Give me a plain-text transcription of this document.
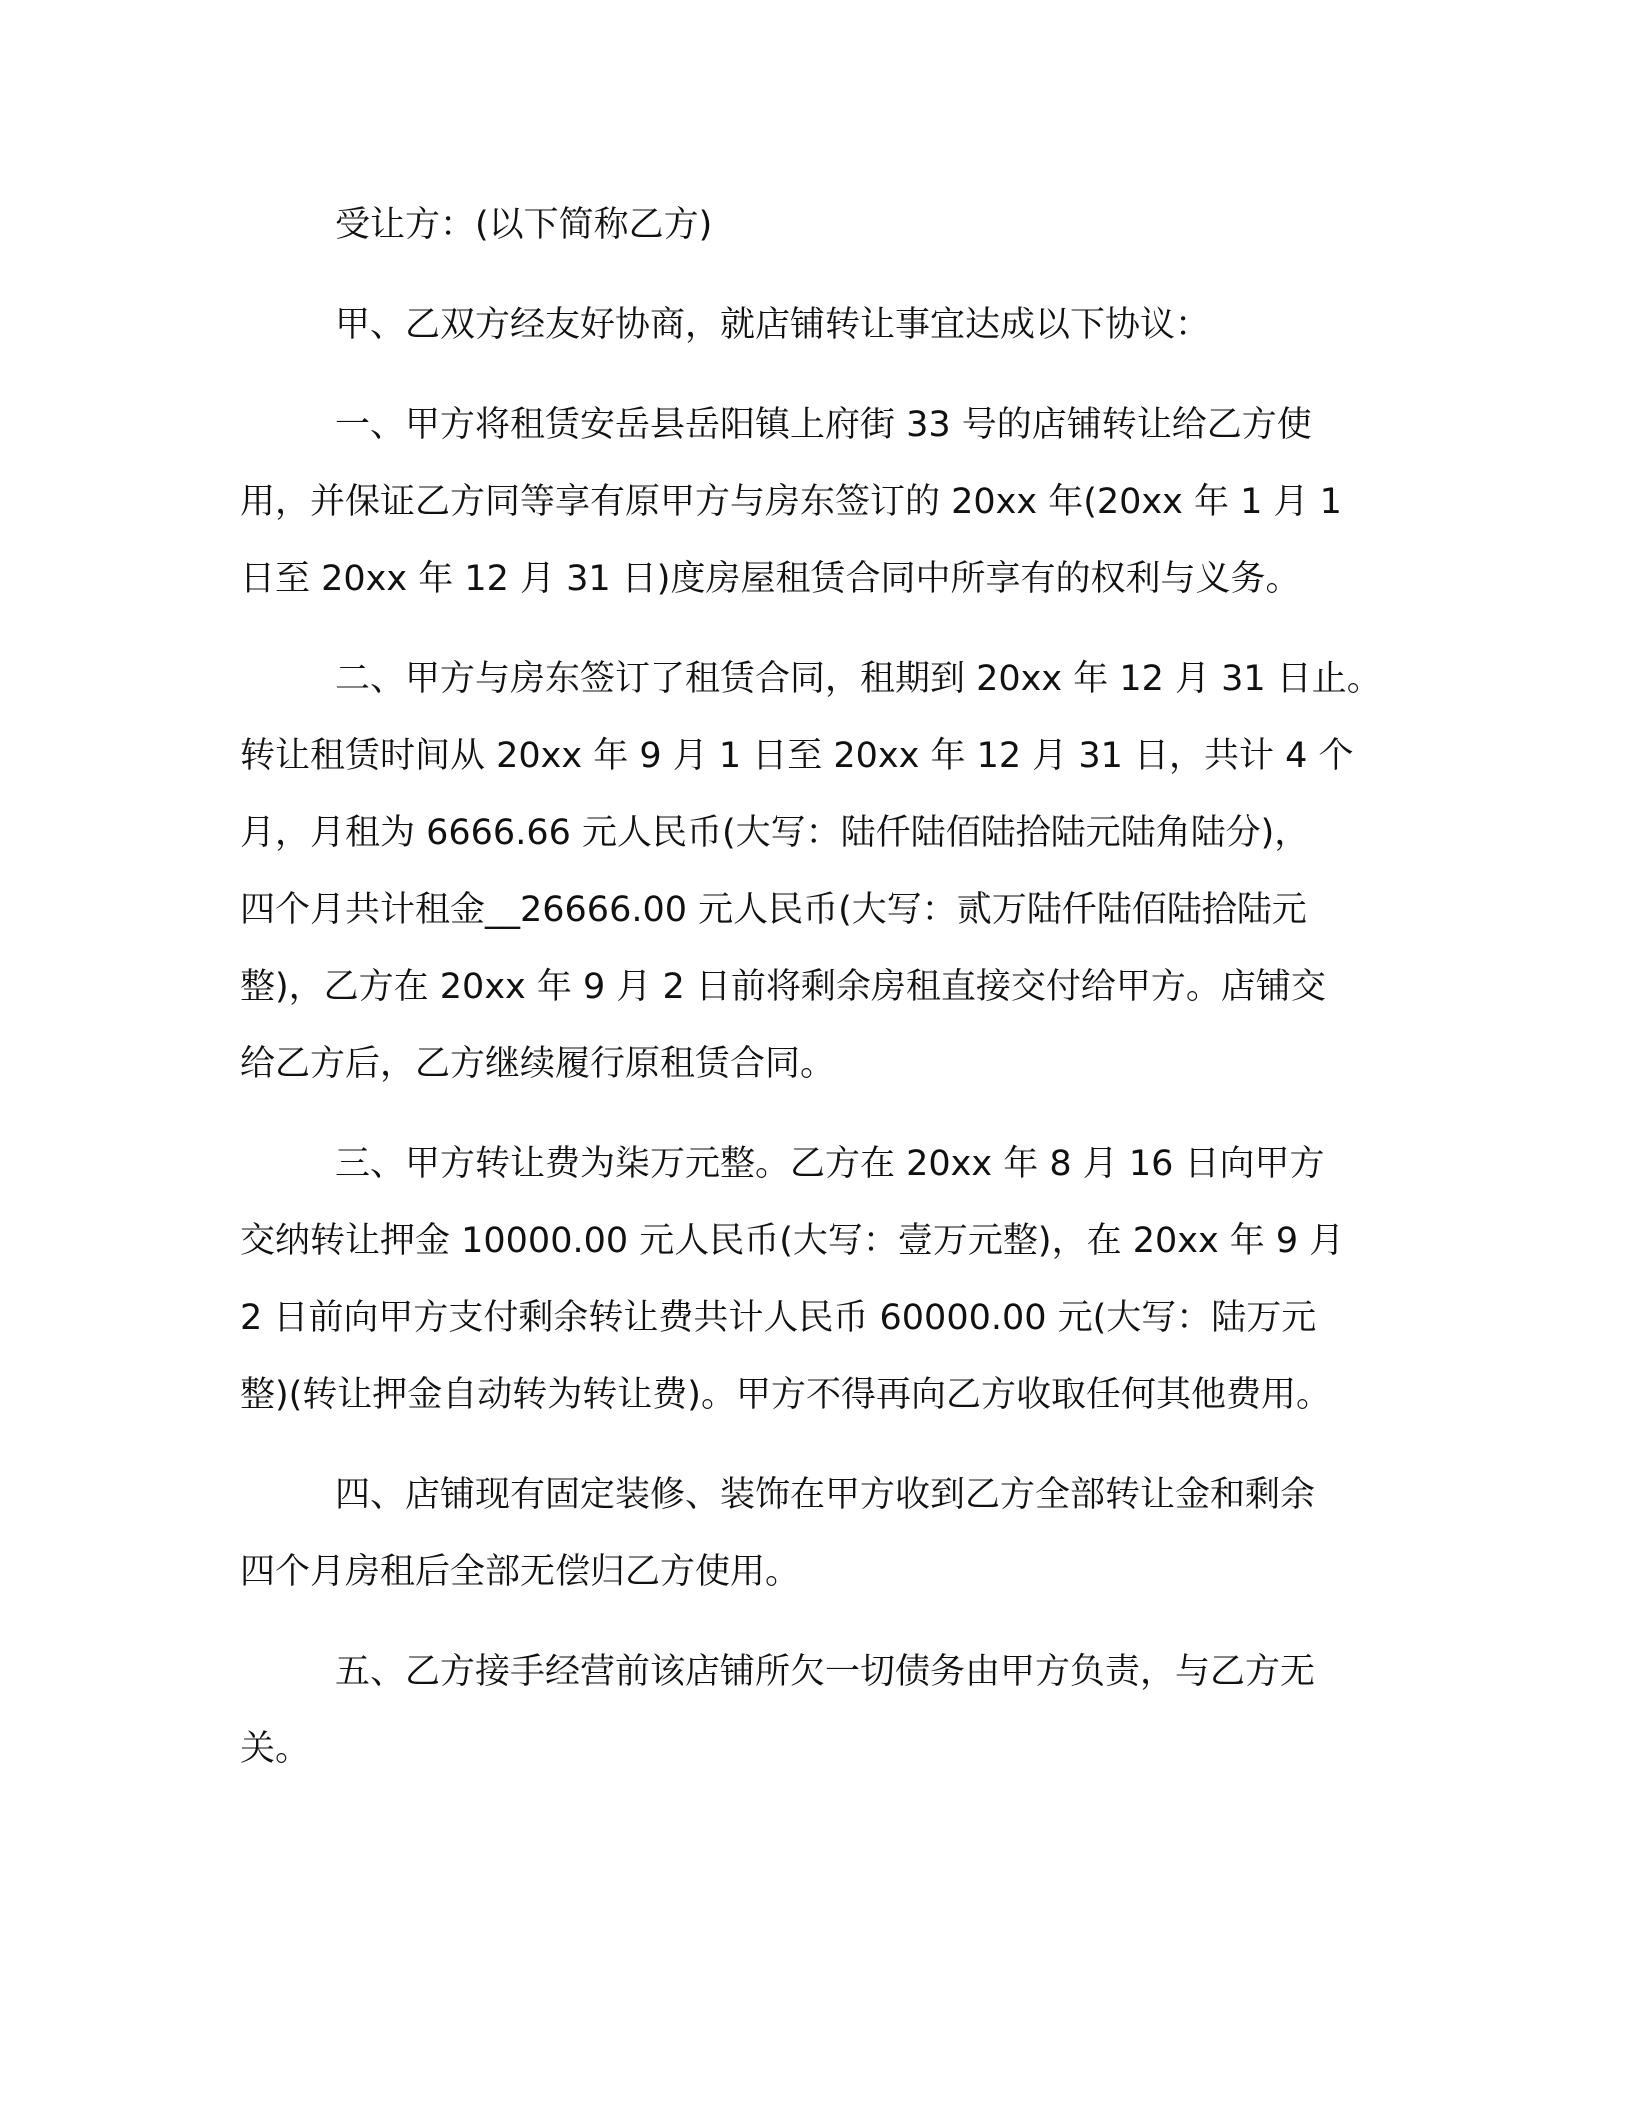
受让方：(以下简称乙方)
甲、乙双方经友好协商，就店铺转让事宜达成以下协议：
一、甲方将租赁安岳县岳阳镇上府街 33 号的店铺转让给乙方使
用，并保证乙方同等享有原甲方与房东签订的 20xx 年(20xx 年 1 月 1
日至 20xx 年 12 月 31 日)度房屋租赁合同中所享有的权利与义务。
二、甲方与房东签订了租赁合同，租期到 20xx 年 12 月 31 日止。
转让租赁时间从 20xx 年 9 月 1 日至 20xx 年 12 月 31 日，共计 4 个
月，月租为 6666.66 元人民币(大写：陆仟陆佰陆拾陆元陆角陆分)，
四个月共计租金__26666.00 元人民币(大写：贰万陆仟陆佰陆拾陆元
整)，乙方在 20xx 年 9 月 2 日前将剩余房租直接交付给甲方。店铺交
给乙方后，乙方继续履行原租赁合同。
三、甲方转让费为柒万元整。乙方在 20xx 年 8 月 16 日向甲方
交纳转让押金 10000.00 元人民币(大写：壹万元整)，在 20xx 年 9 月
2 日前向甲方支付剩余转让费共计人民币 60000.00 元(大写：陆万元
整)(转让押金自动转为转让费)。甲方不得再向乙方收取任何其他费用。
四、店铺现有固定装修、装饰在甲方收到乙方全部转让金和剩余
四个月房租后全部无偿归乙方使用。
五、乙方接手经营前该店铺所欠一切债务由甲方负责，与乙方无
关。
